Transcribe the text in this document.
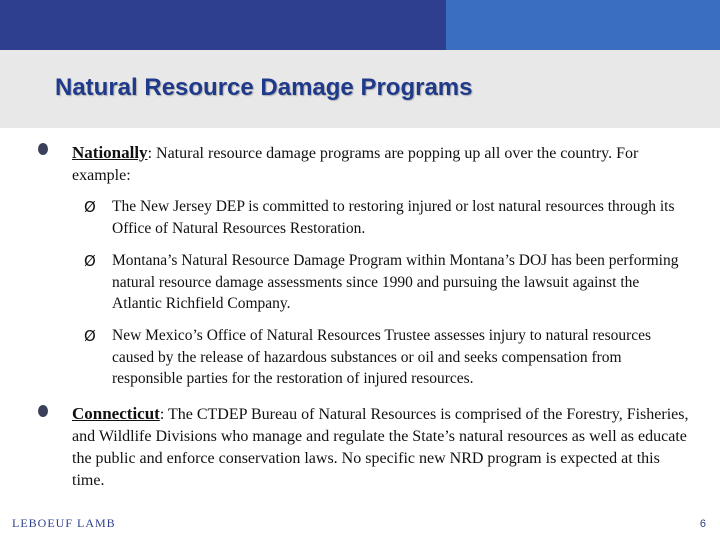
Natural Resource Damage Programs
Nationally: Natural resource damage programs are popping up all over the country. For example:
Ø The New Jersey DEP is committed to restoring injured or lost natural resources through its Office of Natural Resources Restoration.
Ø Montana’s Natural Resource Damage Program within Montana’s DOJ has been performing natural resource damage assessments since 1990 and pursuing the lawsuit against the Atlantic Richfield Company.
Ø New Mexico’s Office of Natural Resources Trustee assesses injury to natural resources caused by the release of hazardous substances or oil and seeks compensation from responsible parties for the restoration of injured resources.
Connecticut: The CTDEP Bureau of Natural Resources is comprised of the Forestry, Fisheries, and Wildlife Divisions who manage and regulate the State’s natural resources as well as educate the public and enforce conservation laws. No specific new NRD program is expected at this time.
LEBOEUF LAMB	6
